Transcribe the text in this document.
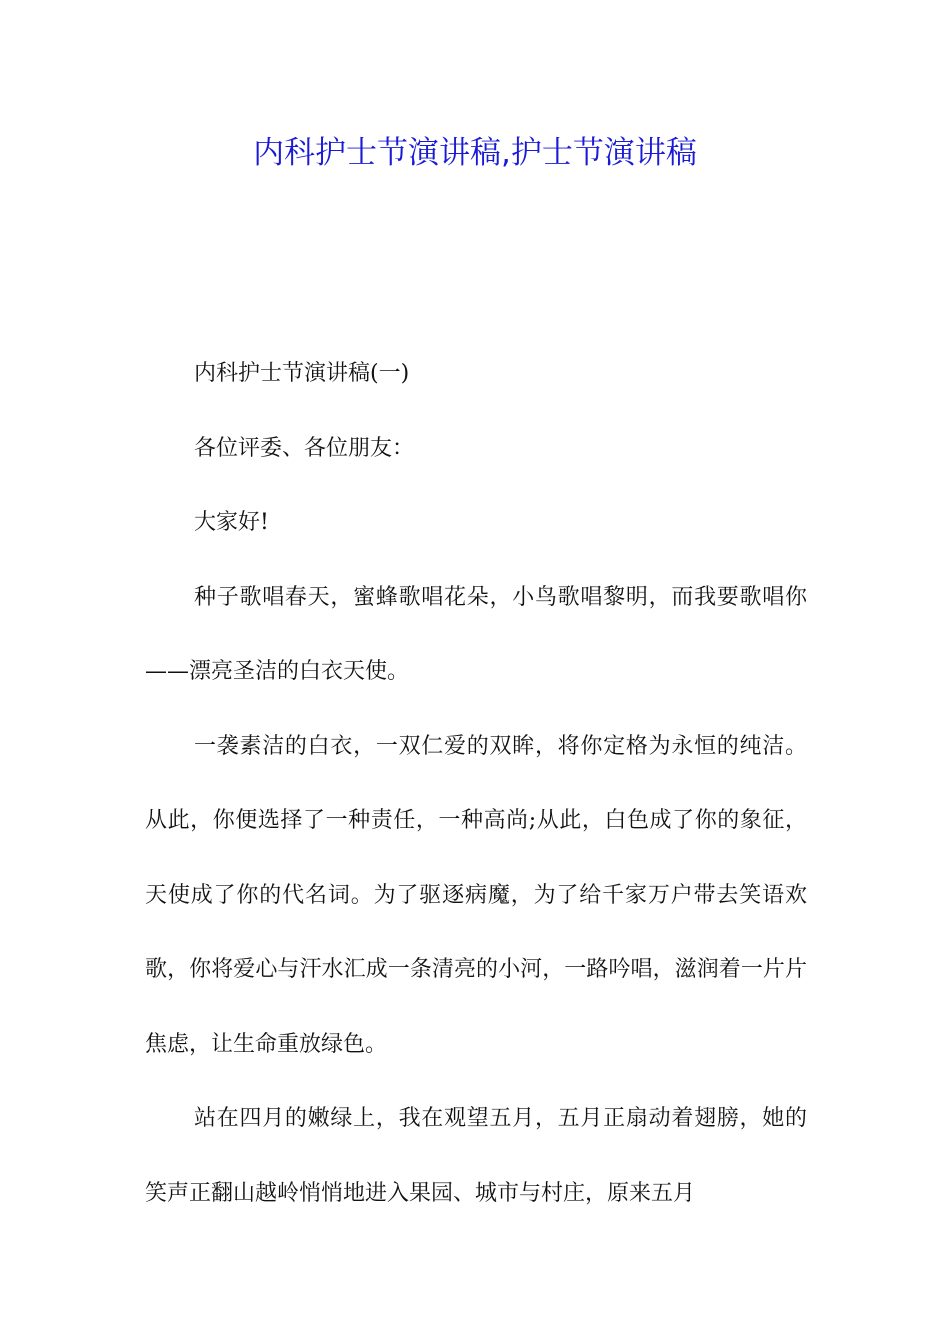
内科护士节演讲稿,护士节演讲稿

内科护士节演讲稿(一)

各位评委、各位朋友：

大家好!

种子歌唱春天，蜜蜂歌唱花朵，小鸟歌唱黎明，而我要歌唱你——漂亮圣洁的白衣天使。

一袭素洁的白衣，一双仁爱的双眸，将你定格为永恒的纯洁。从此，你便选择了一种责任，一种高尚;从此，白色成了你的象征，天使成了你的代名词。为了驱逐病魔，为了给千家万户带去笑语欢歌，你将爱心与汗水汇成一条清亮的小河，一路吟唱，滋润着一片片焦虑，让生命重放绿色。

站在四月的嫩绿上，我在观望五月，五月正扇动着翅膀，她的笑声正翻山越岭悄悄地进入果园、城市与村庄，原来五月
